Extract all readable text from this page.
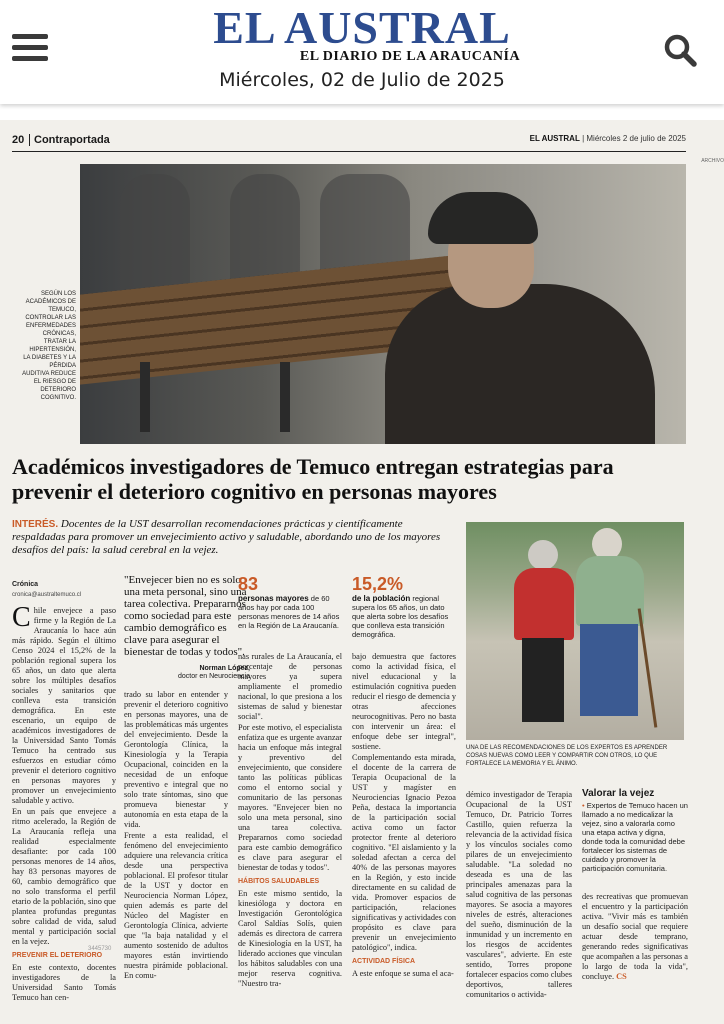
EL AUSTRAL
EL DIARIO DE LA ARAUCANÍA
Miércoles, 02 de Julio de 2025
20 Contraportada	EL AUSTRAL | Miércoles 2 de julio de 2025
ARCHIVO
SEGÚN LOS ACADÉMICOS DE TEMUCO, CONTROLAR LAS ENFERMEDADES CRÓNICAS, TRATAR LA HIPERTENSIÓN, LA DIABETES Y LA PÉRDIDA AUDITIVA REDUCE EL RIESGO DE DETERIORO COGNITIVO.
Académicos investigadores de Temuco entregan estrategias para prevenir el deterioro cognitivo en personas mayores
INTERÉS. Docentes de la UST desarrollan recomendaciones prácticas y científicamente respaldadas para promover un envejecimiento activo y saludable, abordando uno de los mayores desafíos del país: la salud cerebral en la vejez.
Crónica
cronica@australtemuco.cl

Chile envejece a paso firme y la Región de La Araucanía lo hace aún más rápido. Según el último Censo 2024 el 15,2% de la población regional supera los 65 años, un dato que alerta sobre los múltiples desafíos sociales y sanitarios que conlleva esta transición demográfica. En este escenario, un equipo de académicos investigadores de la Universidad Santo Tomás Temuco ha centrado sus esfuerzos en estudiar cómo prevenir el deterioro cognitivo en personas mayores y promover un envejecimiento saludable y activo.

En un país que envejece a ritmo acelerado, la Región de La Araucanía refleja una realidad especialmente desafiante: por cada 100 personas menores de 14 años, hay 83 personas mayores de 60, cambio demográfico que no solo transforma el perfil etario de la población, sino que plantea profundas preguntas sobre calidad de vida, salud mental y participación social en la vejez.

PREVENIR EL DETERIORO

En este contexto, docentes investigadores de la Universidad Santo Tomás Temuco han cen-

"Envejecer bien no es solo una meta personal, sino una tarea colectiva. Prepararnos como sociedad para este cambio demográfico es clave para asegurar el bienestar de todas y todos".
Norman López,
doctor en Neurociencia

trado su labor en entender y prevenir el deterioro cognitivo en personas mayores, una de las problemáticas más urgentes del envejecimiento. Desde la Gerontología Clínica, la Kinesiología y la Terapia Ocupacional, coinciden en la necesidad de un enfoque preventivo e integral que no solo trate síntomas, sino que promueva bienestar y autonomía en esta etapa de la vida.

Frente a esta realidad, el fenómeno del envejecimiento adquiere una relevancia crítica desde una perspectiva poblacional. El profesor titular de la UST y doctor en Neurociencia Norman López, quien además es parte del Núcleo del Magíster en Gerontología Clínica, advierte que "la baja natalidad y el aumento sostenido de adultos mayores están invirtiendo nuestra pirámide poblacional. En comu-

83
personas mayores de 60 años hay por cada 100 personas menores de 14 años en la Región de La Araucanía.
15,2%
de la población regional supera los 65 años, un dato que alerta sobre los desafíos que conlleva esta transición demográfica.

nas rurales de La Araucanía, el porcentaje de personas mayores ya supera ampliamente el promedio nacional, lo que presiona a los sistemas de salud y bienestar social".

Por este motivo, el especialista enfatiza que es urgente avanzar hacia un enfoque más integral y preventivo del envejecimiento, que considere tanto las políticas públicas como el entorno social y comunitario de las personas mayores. "Envejecer bien no solo una meta personal, sino una tarea colectiva. Prepararnos como sociedad para este cambio demográfico es clave para asegurar el bienestar de todas y todos".

HÁBITOS SALUDABLES

En este mismo sentido, la kinesióloga y doctora en Investigación Gerontológica Carol Saldías Solís, quien además es directora de carrera de Kinesiología en la UST, ha liderado acciones que vinculan los hábitos saludables con una mejor reserva cognitiva. "Nuestro tra-

bajo demuestra que factores como la actividad física, el nivel educacional y la estimulación cognitiva pueden reducir el riesgo de demencia y otras afecciones neurocognitivas. Pero no basta con intervenir un área: el enfoque debe ser integral", sostiene.

Complementando esta mirada, el docente de la carrera de Terapia Ocupacional de la UST y magíster en Neurociencias Ignacio Pezoa Peña, destaca la importancia de la participación social activa como un factor protector frente al deterioro cognitivo. "El aislamiento y la soledad afectan a cerca del 40% de las personas mayores en la Región, y esto incide directamente en su calidad de vida. Promover espacios de participación, relaciones significativas y actividades con propósito es clave para prevenir un envejecimiento patológico", indica.

ACTIVIDAD FÍSICA

A este enfoque se suma el aca-

UNA DE LAS RECOMENDACIONES DE LOS EXPERTOS ES APRENDER COSAS NUEVAS COMO LEER Y COMPARTIR CON OTROS, LO QUE FORTALECE LA MEMORIA Y EL ÁNIMO.

démico investigador de Terapia Ocupacional de la UST Temuco, Dr. Patricio Torres Castillo, quien refuerza la relevancia de la actividad física y los vínculos sociales como pilares de un envejecimiento saludable. "La soledad no deseada es una de las principales amenazas para la salud cognitiva de las personas mayores. Se asocia a mayores niveles de estrés, alteraciones del sueño, disminución de la inmunidad y un incremento en los riesgos de accidentes vasculares", advierte. En este sentido, Torres propone fortalecer espacios como clubes deportivos, talleres comunitarios o activida-

Valorar la vejez
• Expertos de Temuco hacen un llamado a no medicalizar la vejez, sino a valorarla como una etapa activa y digna, donde toda la comunidad debe fortalecer los sistemas de cuidado y promover la participación comunitaria.

des recreativas que promuevan el encuentro y la participación activa. "Vivir más es también un desafío social que requiere actuar desde temprano, generando redes significativas que acompañen a las personas a lo largo de toda la vida", concluye. CS

3445730
